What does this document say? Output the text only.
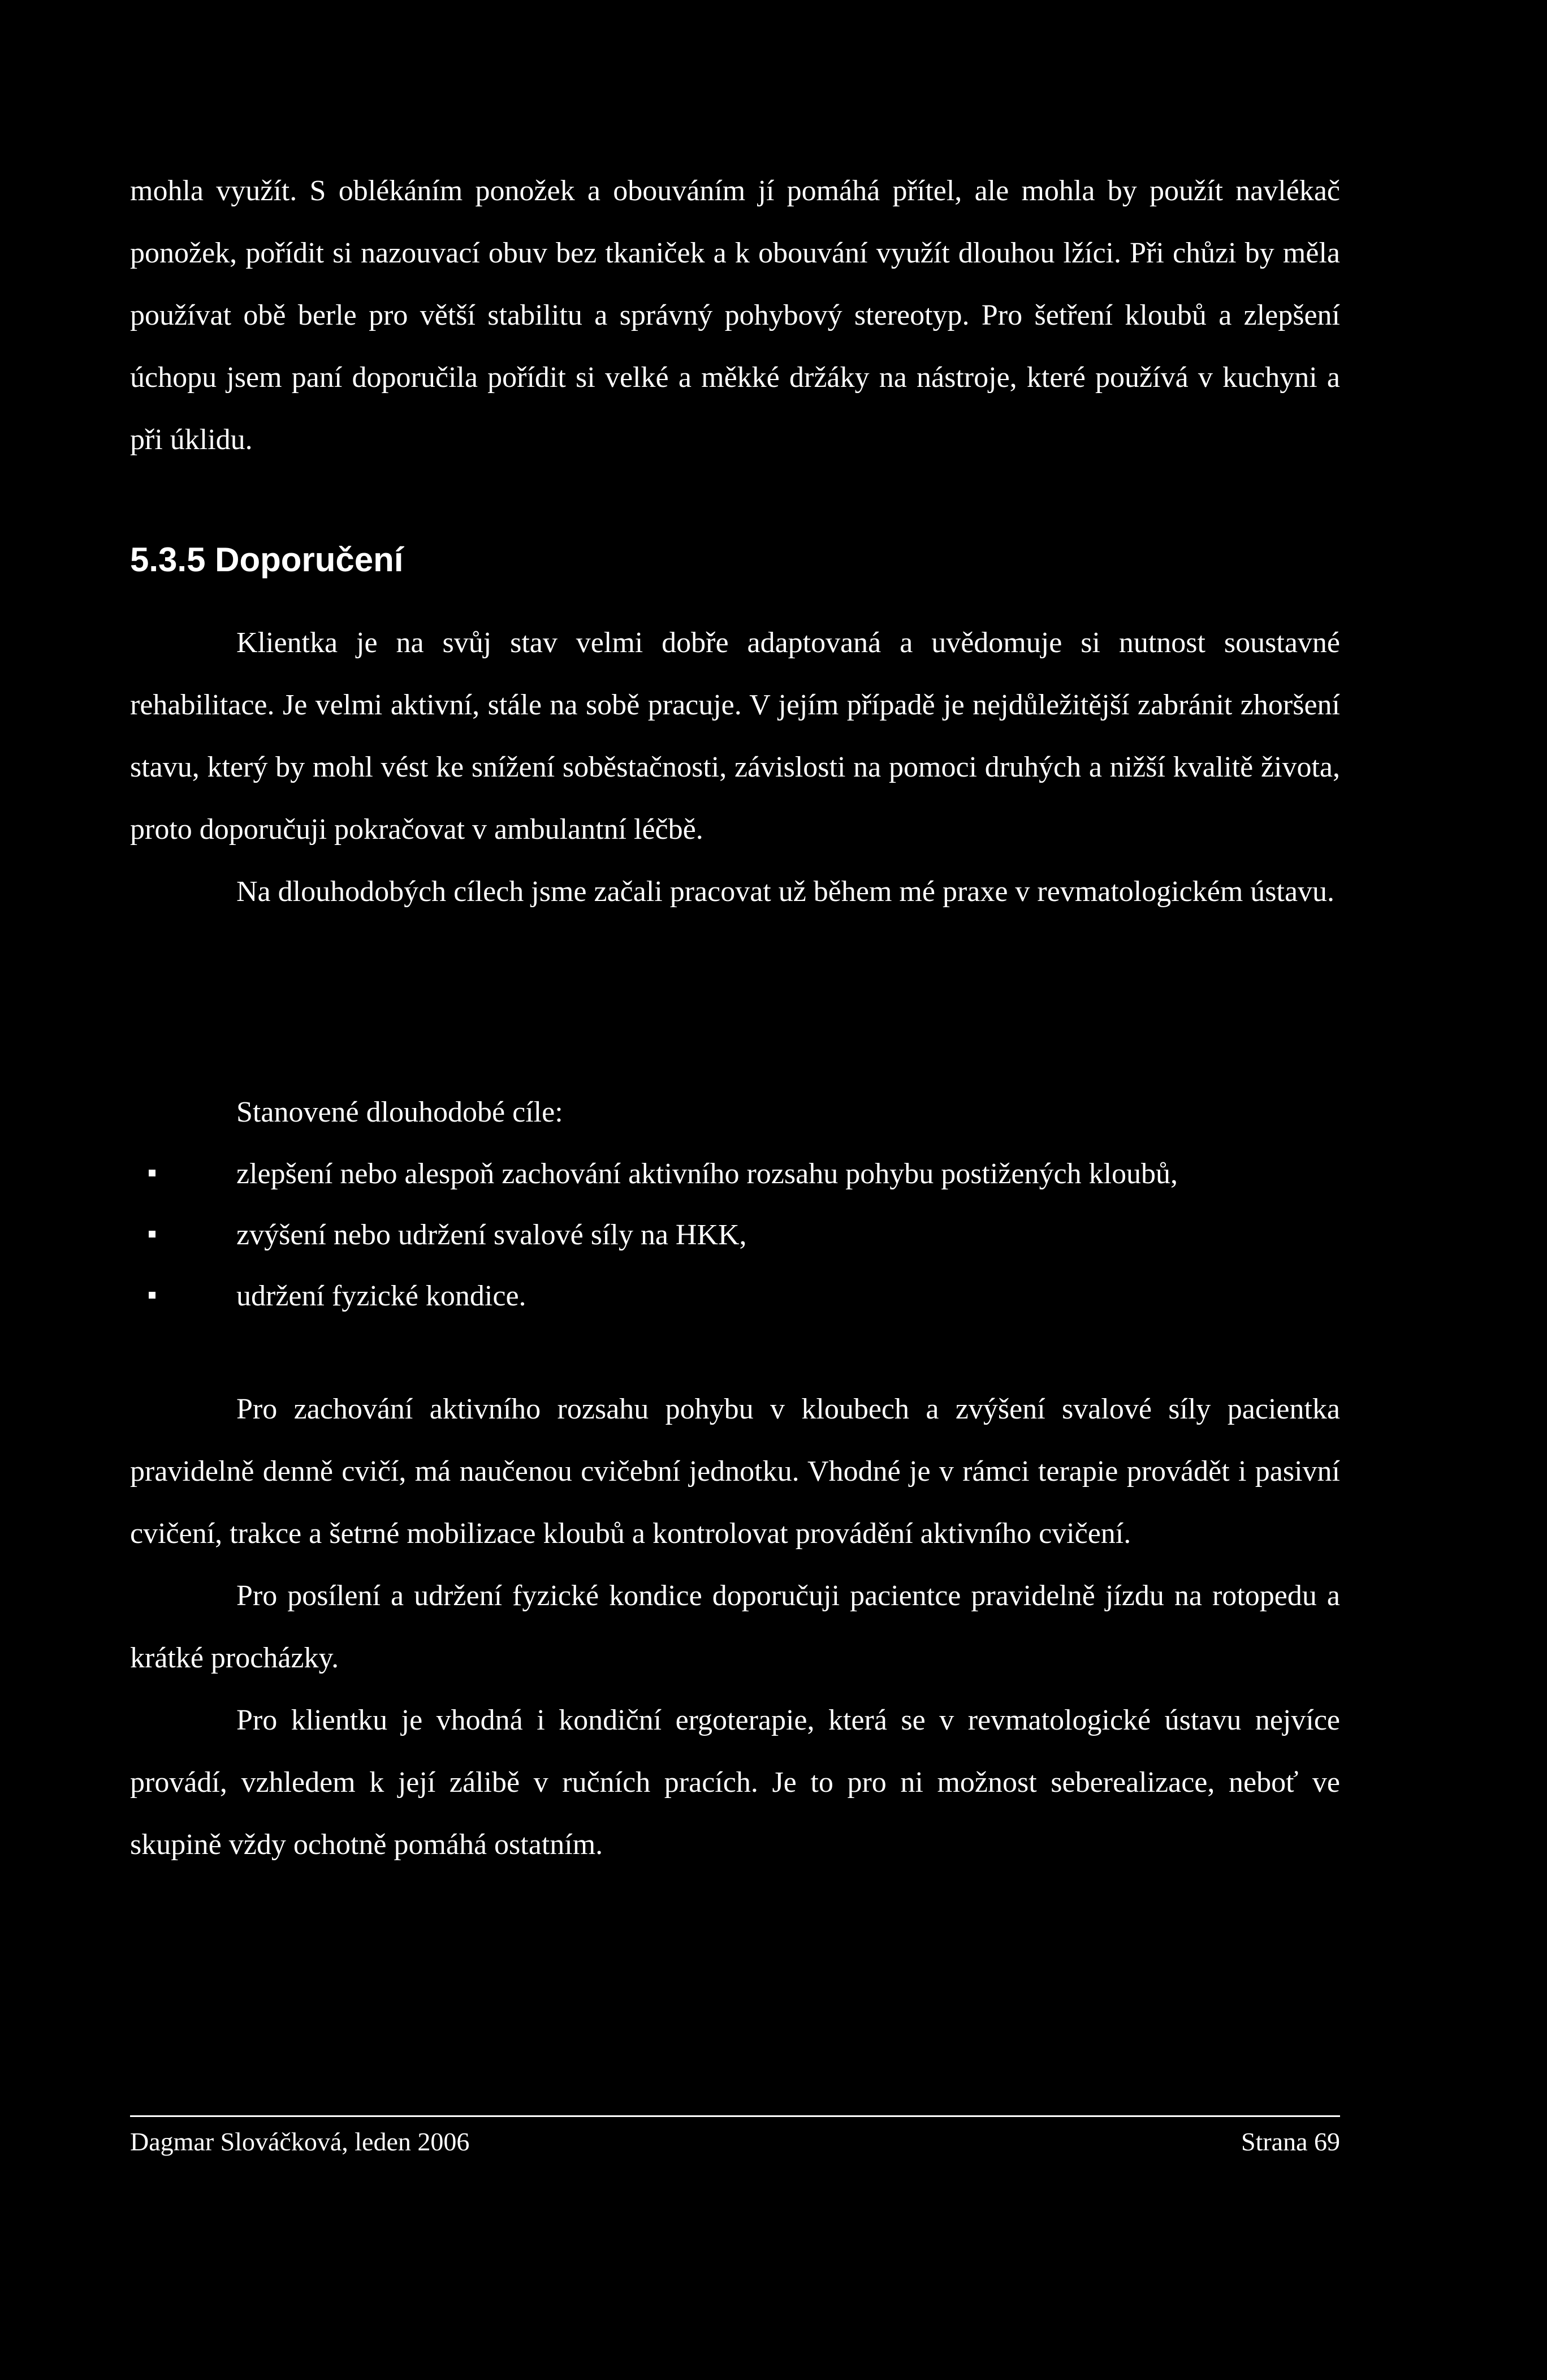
mohla využít. S oblékáním ponožek a obouváním jí pomáhá přítel, ale mohla by použít navlékač ponožek, pořídit si nazouvací obuv bez tkaniček a k obouvání využít dlouhou lžíci. Při chůzi by měla používat obě berle pro větší stabilitu a správný pohybový stereotyp. Pro šetření kloubů a zlepšení úchopu jsem paní doporučila pořídit si velké a měkké držáky na nástroje, které používá v kuchyni a při úklidu.

5.3.5 Doporučení

Klientka je na svůj stav velmi dobře adaptovaná a uvědomuje si nutnost soustavné rehabilitace. Je velmi aktivní, stále na sobě pracuje. V jejím případě je nejdůležitější zabránit zhoršení stavu, který by mohl vést ke snížení soběstačnosti, závislosti na pomoci druhých a nižší kvalitě života, proto doporučuji pokračovat v ambulantní léčbě.

Na dlouhodobých cílech jsme začali pracovat už během mé praxe v revmatologickém ústavu.

Stanovené dlouhodobé cíle:

zlepšení nebo alespoň zachování aktivního rozsahu pohybu postižených kloubů,
zvýšení nebo udržení svalové síly na HKK,
udržení fyzické kondice.

Pro zachování aktivního rozsahu pohybu v kloubech a zvýšení svalové síly pacientka pravidelně denně cvičí, má naučenou cvičební jednotku. Vhodné je v rámci terapie provádět i pasivní cvičení, trakce a šetrné mobilizace kloubů a kontrolovat provádění aktivního cvičení.

Pro posílení a udržení fyzické kondice doporučuji pacientce pravidelně jízdu na rotopedu a krátké procházky.

Pro klientku je vhodná i kondiční ergoterapie, která se v revmatologické ústavu nejvíce provádí, vzhledem k její zálibě v ručních pracích. Je to pro ni možnost seberealizace, neboť ve skupině vždy ochotně pomáhá ostatním.

Dagmar Slováčková, leden 2006	Strana 69
